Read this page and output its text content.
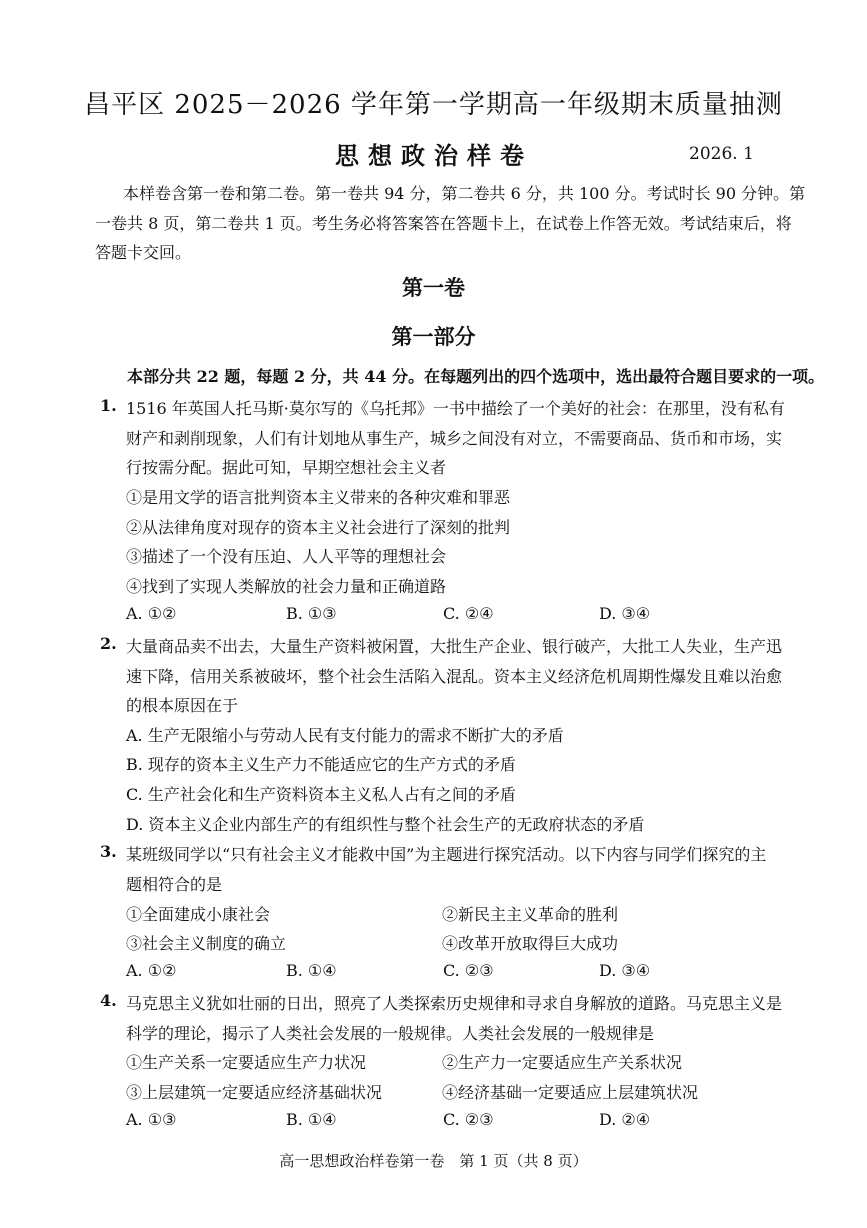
昌平区 2025－2026 学年第一学期高一年级期末质量抽测
思想政治样卷	2026. 1
本样卷含第一卷和第二卷。第一卷共 94 分，第二卷共 6 分，共 100 分。考试时长 90 分钟。第
一卷共 8 页，第二卷共 1 页。考生务必将答案答在答题卡上，在试卷上作答无效。考试结束后，将
答题卡交回。
第一卷
第一部分
本部分共 22 题，每题 2 分，共 44 分。在每题列出的四个选项中，选出最符合题目要求的一项。
1. 1516 年英国人托马斯·莫尔写的《乌托邦》一书中描绘了一个美好的社会：在那里，没有私有
财产和剥削现象，人们有计划地从事生产，城乡之间没有对立，不需要商品、货币和市场，实
行按需分配。据此可知，早期空想社会主义者
①是用文学的语言批判资本主义带来的各种灾难和罪恶
②从法律角度对现存的资本主义社会进行了深刻的批判
③描述了一个没有压迫、人人平等的理想社会
④找到了实现人类解放的社会力量和正确道路
A. ①②	B. ①③	C. ②④	D. ③④
2. 大量商品卖不出去，大量生产资料被闲置，大批生产企业、银行破产，大批工人失业，生产迅
速下降，信用关系被破坏，整个社会生活陷入混乱。资本主义经济危机周期性爆发且难以治愈
的根本原因在于
A. 生产无限缩小与劳动人民有支付能力的需求不断扩大的矛盾
B. 现存的资本主义生产力不能适应它的生产方式的矛盾
C. 生产社会化和生产资料资本主义私人占有之间的矛盾
D. 资本主义企业内部生产的有组织性与整个社会生产的无政府状态的矛盾
3. 某班级同学以“只有社会主义才能救中国”为主题进行探究活动。以下内容与同学们探究的主
题相符合的是
①全面建成小康社会	②新民主主义革命的胜利
③社会主义制度的确立	④改革开放取得巨大成功
A. ①②	B. ①④	C. ②③	D. ③④
4. 马克思主义犹如壮丽的日出，照亮了人类探索历史规律和寻求自身解放的道路。马克思主义是
科学的理论，揭示了人类社会发展的一般规律。人类社会发展的一般规律是
①生产关系一定要适应生产力状况	②生产力一定要适应生产关系状况
③上层建筑一定要适应经济基础状况	④经济基础一定要适应上层建筑状况
A. ①③	B. ①④	C. ②③	D. ②④
高一思想政治样卷第一卷　第 1 页（共 8 页）
